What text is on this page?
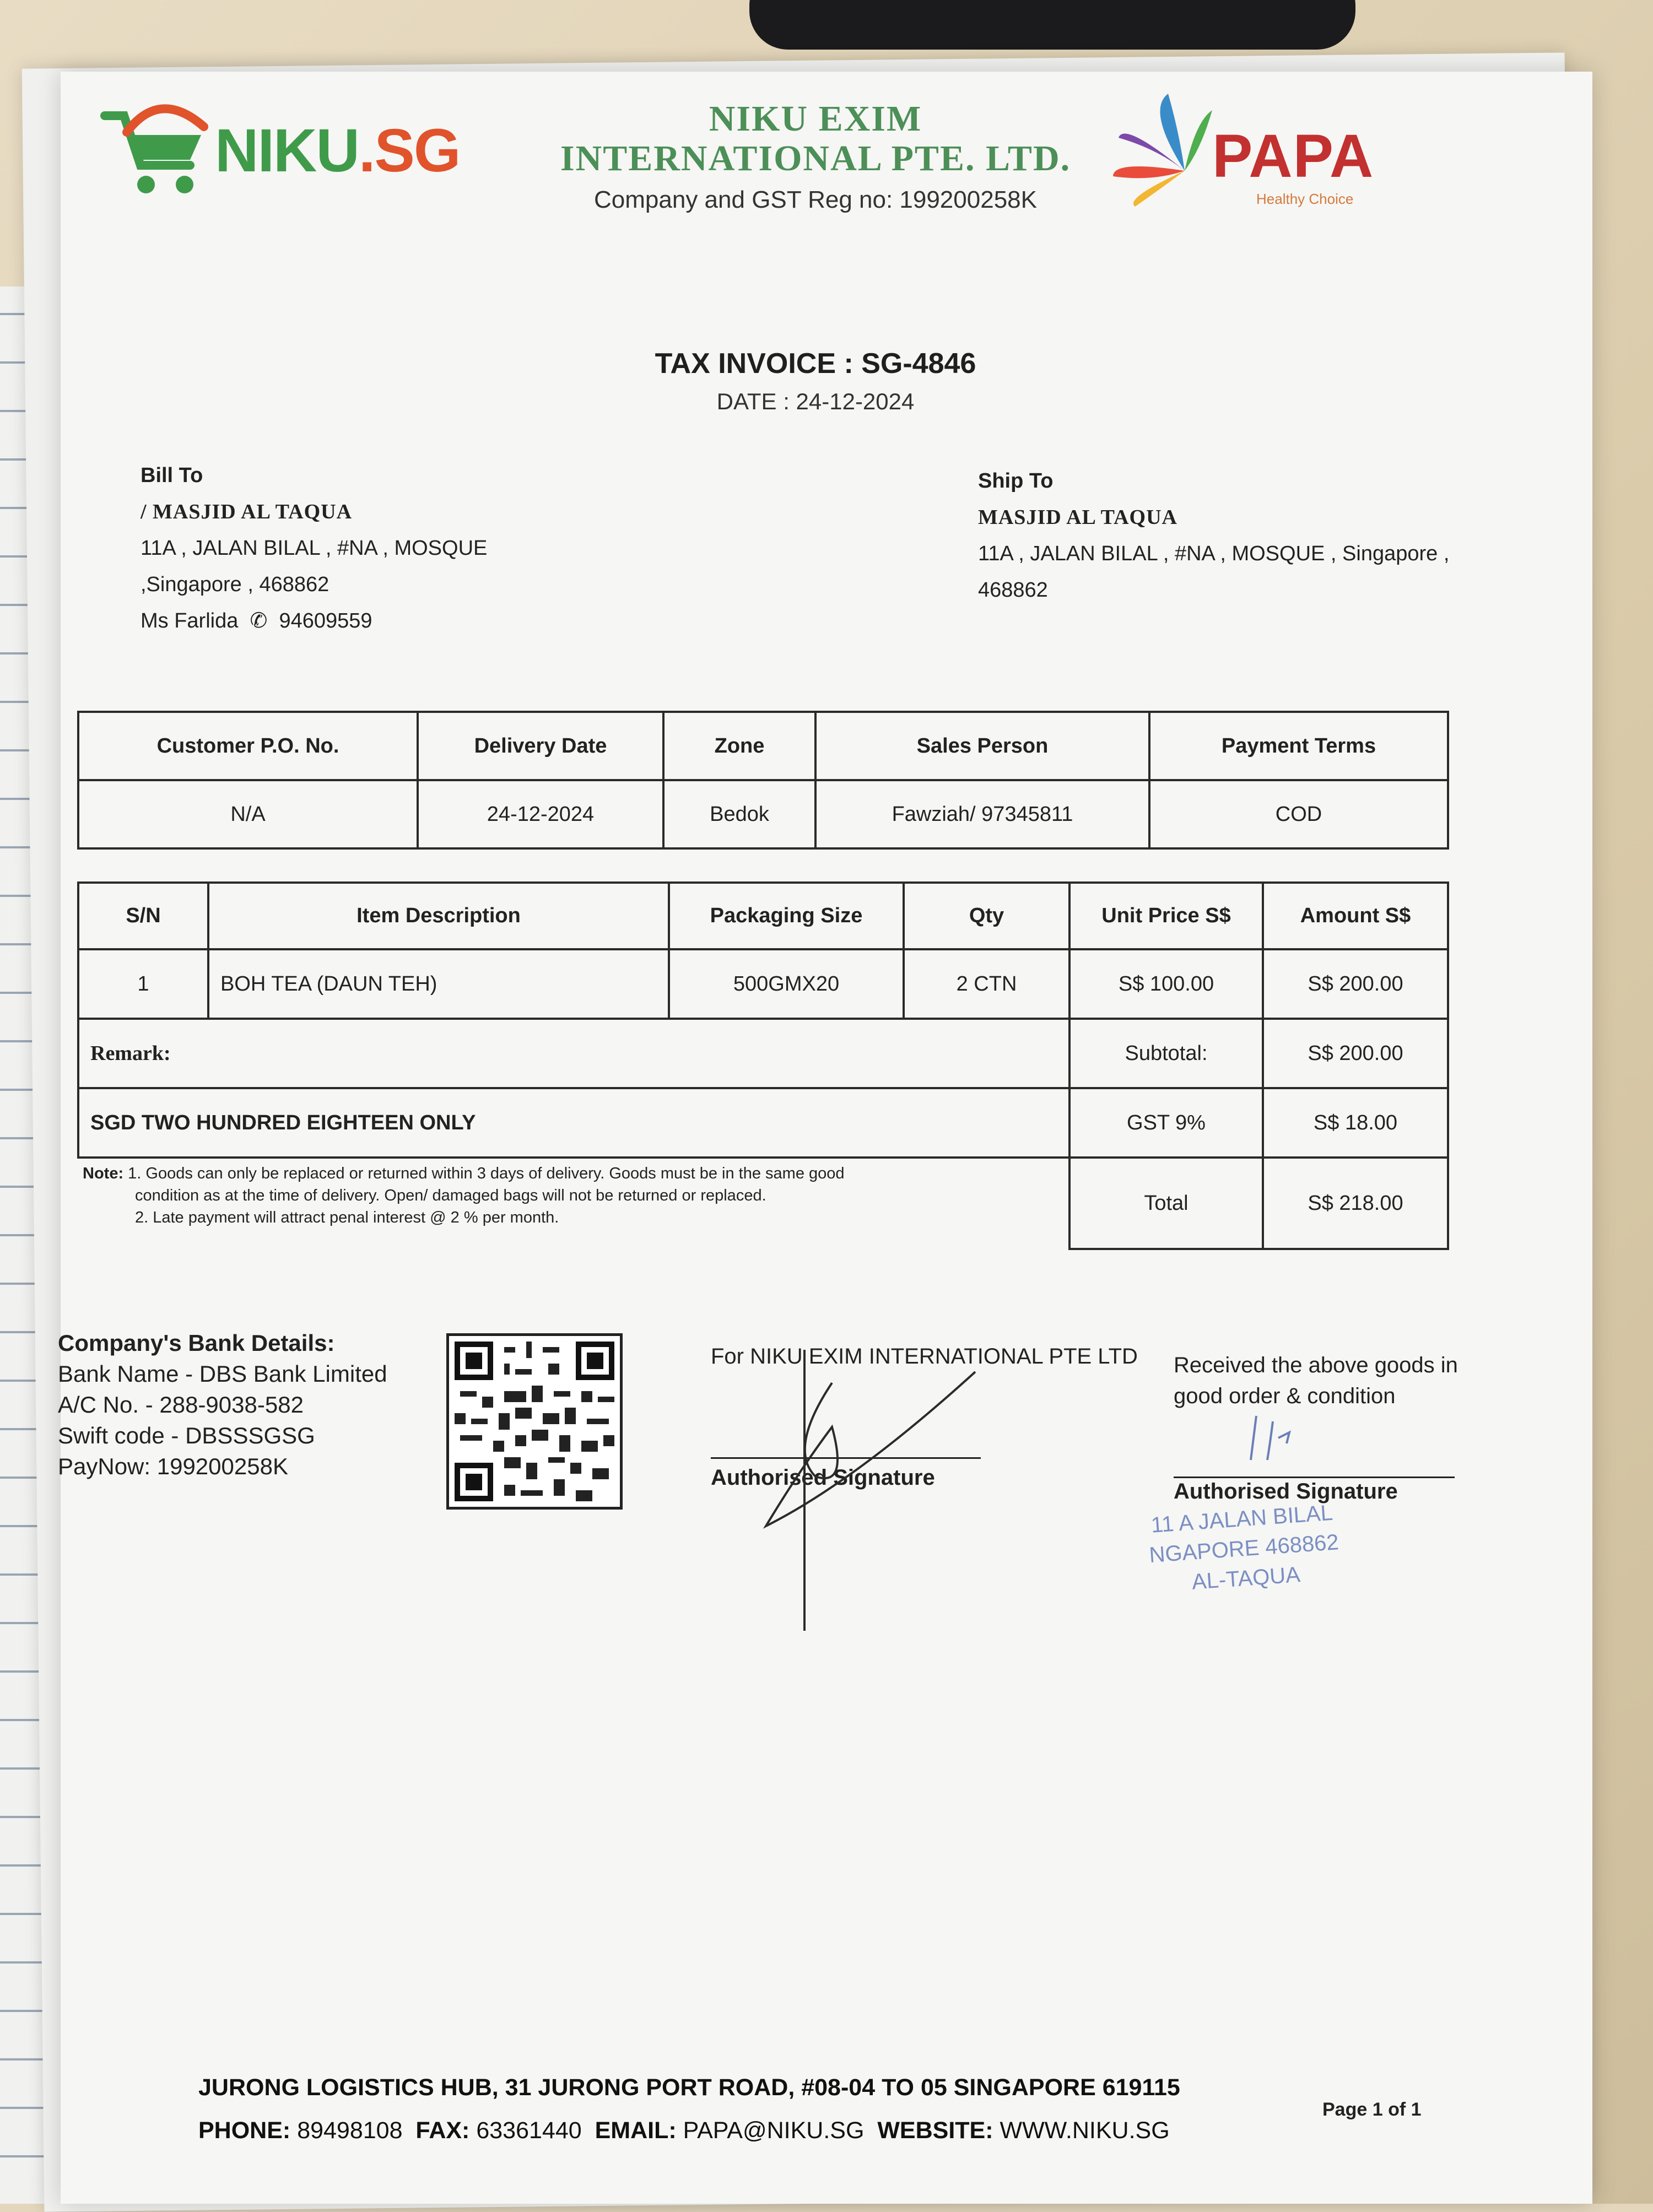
NIKU.SG	NIKU EXIM
INTERNATIONAL PTE. LTD.
Company and GST Reg no: 199200258K
PAPA
Healthy Choice
TAX INVOICE : SG-4846
DATE : 24-12-2024
Bill To
/ MASJID AL TAQUA
11A , JALAN BILAL , #NA , MOSQUE
,Singapore , 468862
Ms Farlida  ✆  94609559
Ship To
MASJID AL TAQUA
11A , JALAN BILAL , #NA , MOSQUE , Singapore ,
468862
Customer P.O. No.	Delivery Date	Zone	Sales Person	Payment Terms
N/A	24-12-2024	Bedok	Fawziah/ 97345811	COD
S/N	Item Description	Packaging Size	Qty	Unit Price S$	Amount S$
1	BOH TEA (DAUN TEH)	500GMX20	2 CTN	S$ 100.00	S$ 200.00
Remark:				Subtotal:	S$ 200.00
SGD TWO HUNDRED EIGHTEEN ONLY				GST 9%	S$ 18.00
				Total	S$ 218.00
Note: 1. Goods can only be replaced or returned within 3 days of delivery. Goods must be in the same good
condition as at the time of delivery. Open/ damaged bags will not be returned or replaced.
2. Late payment will attract penal interest @ 2 % per month.
Company's Bank Details:
Bank Name - DBS Bank Limited
A/C No. - 288-9038-582
Swift code - DBSSSGSG
PayNow: 199200258K
For NIKU EXIM INTERNATIONAL PTE LTD
Authorised Signature
Received the above goods in
good order & condition
Authorised Signature
11 A JALAN BILAL
NGAPORE 468862
AL-TAQUA
JURONG LOGISTICS HUB, 31 JURONG PORT ROAD, #08-04 TO 05 SINGAPORE 619115
PHONE: 89498108 FAX: 63361440 EMAIL: PAPA@NIKU.SG WEBSITE: WWW.NIKU.SG
Page 1 of 1
